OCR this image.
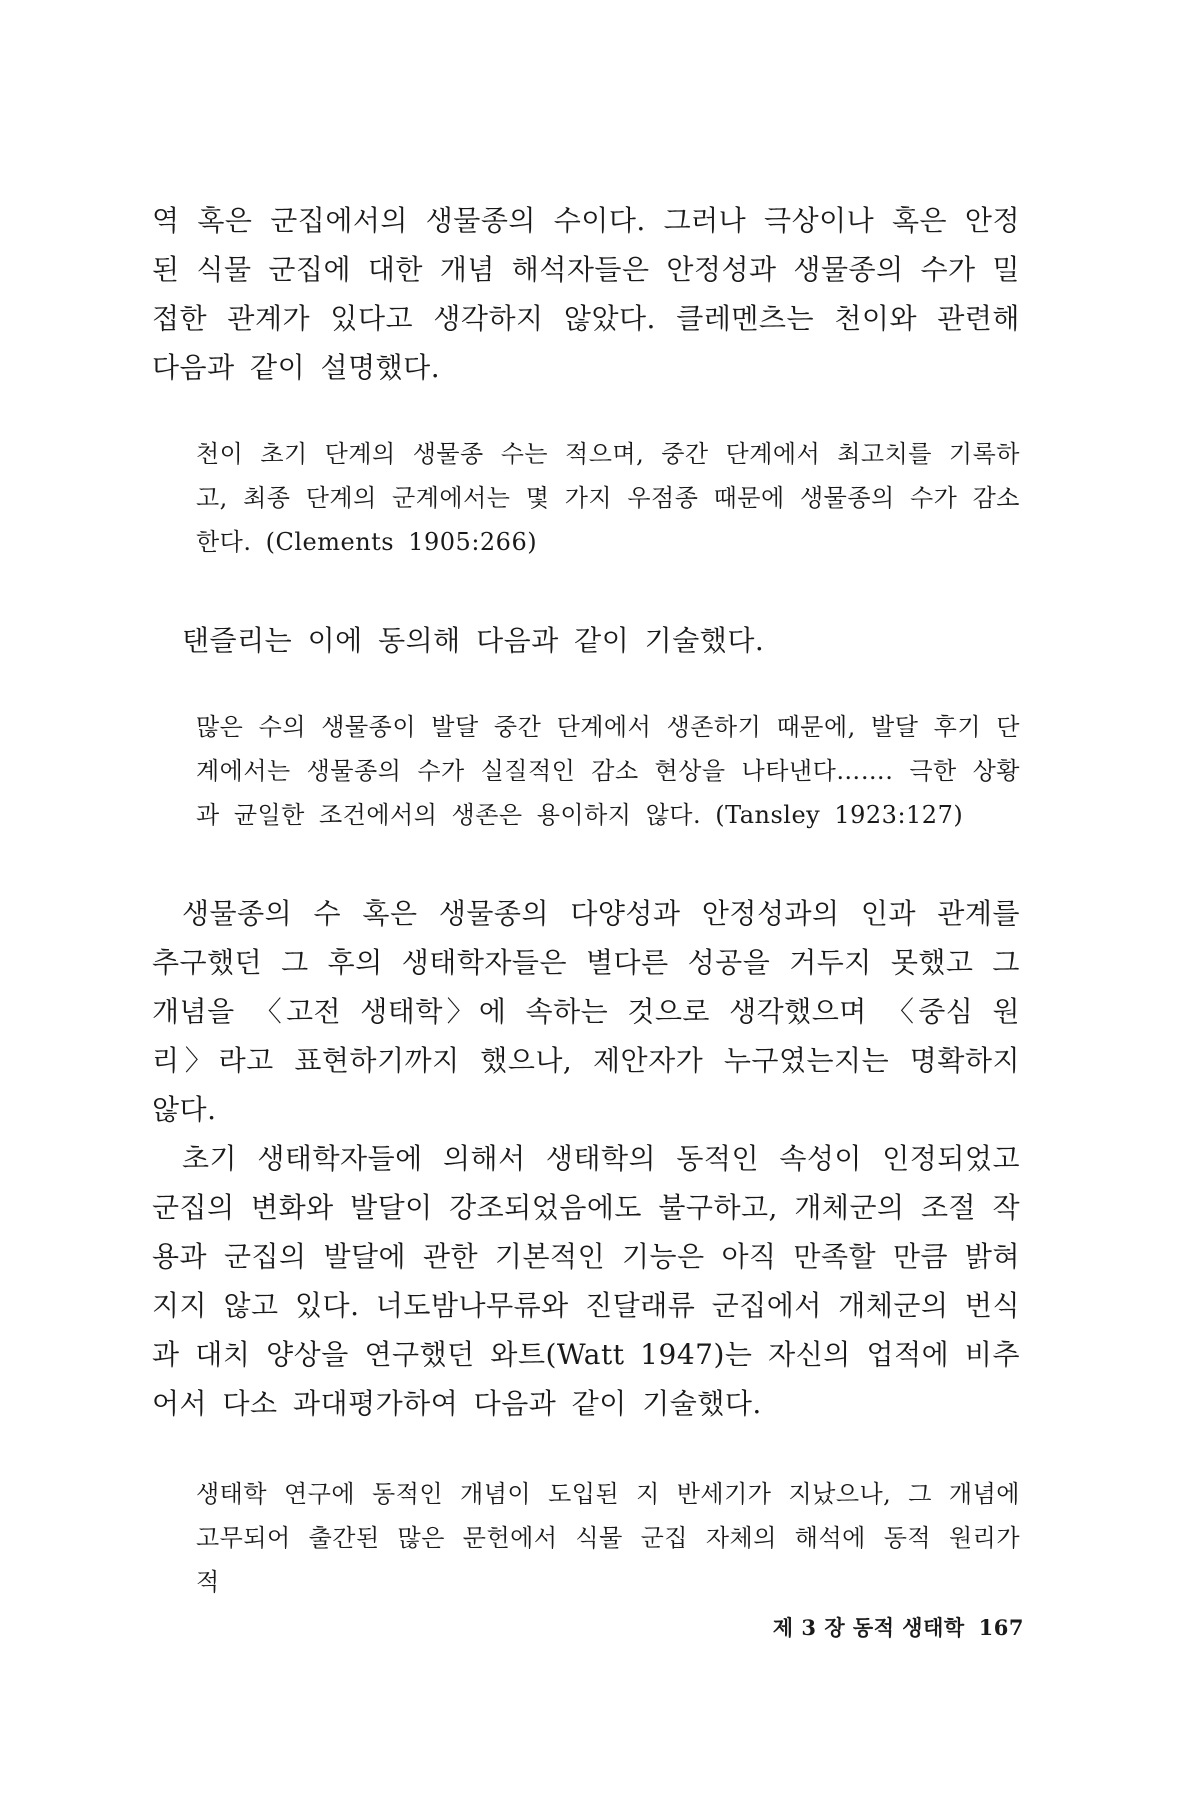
역 혹은 군집에서의 생물종의 수이다. 그러나 극상이나 혹은 안정된 식물 군집에 대한 개념 해석자들은 안정성과 생물종의 수가 밀접한 관계가 있다고 생각하지 않았다. 클레멘츠는 천이와 관련해 다음과 같이 설명했다.

천이 초기 단계의 생물종 수는 적으며, 중간 단계에서 최고치를 기록하고, 최종 단계의 군계에서는 몇 가지 우점종 때문에 생물종의 수가 감소한다. (Clements 1905:266)

탠즐리는 이에 동의해 다음과 같이 기술했다.

많은 수의 생물종이 발달 중간 단계에서 생존하기 때문에, 발달 후기 단계에서는 생물종의 수가 실질적인 감소 현상을 나타낸다……. 극한 상황과 균일한 조건에서의 생존은 용이하지 않다. (Tansley 1923:127)

생물종의 수 혹은 생물종의 다양성과 안정성과의 인과 관계를 추구했던 그 후의 생태학자들은 별다른 성공을 거두지 못했고 그 개념을 〈고전 생태학〉에 속하는 것으로 생각했으며 〈중심 원리〉라고 표현하기까지 했으나, 제안자가 누구였는지는 명확하지 않다.

초기 생태학자들에 의해서 생태학의 동적인 속성이 인정되었고 군집의 변화와 발달이 강조되었음에도 불구하고, 개체군의 조절 작용과 군집의 발달에 관한 기본적인 기능은 아직 만족할 만큼 밝혀지지 않고 있다. 너도밤나무류와 진달래류 군집에서 개체군의 번식과 대치 양상을 연구했던 와트(Watt 1947)는 자신의 업적에 비추어서 다소 과대평가하여 다음과 같이 기술했다.

생태학 연구에 동적인 개념이 도입된 지 반세기가 지났으나, 그 개념에 고무되어 출간된 많은 문헌에서 식물 군집 자체의 해석에 동적 원리가 적

제 3 장 동적 생태학 167
